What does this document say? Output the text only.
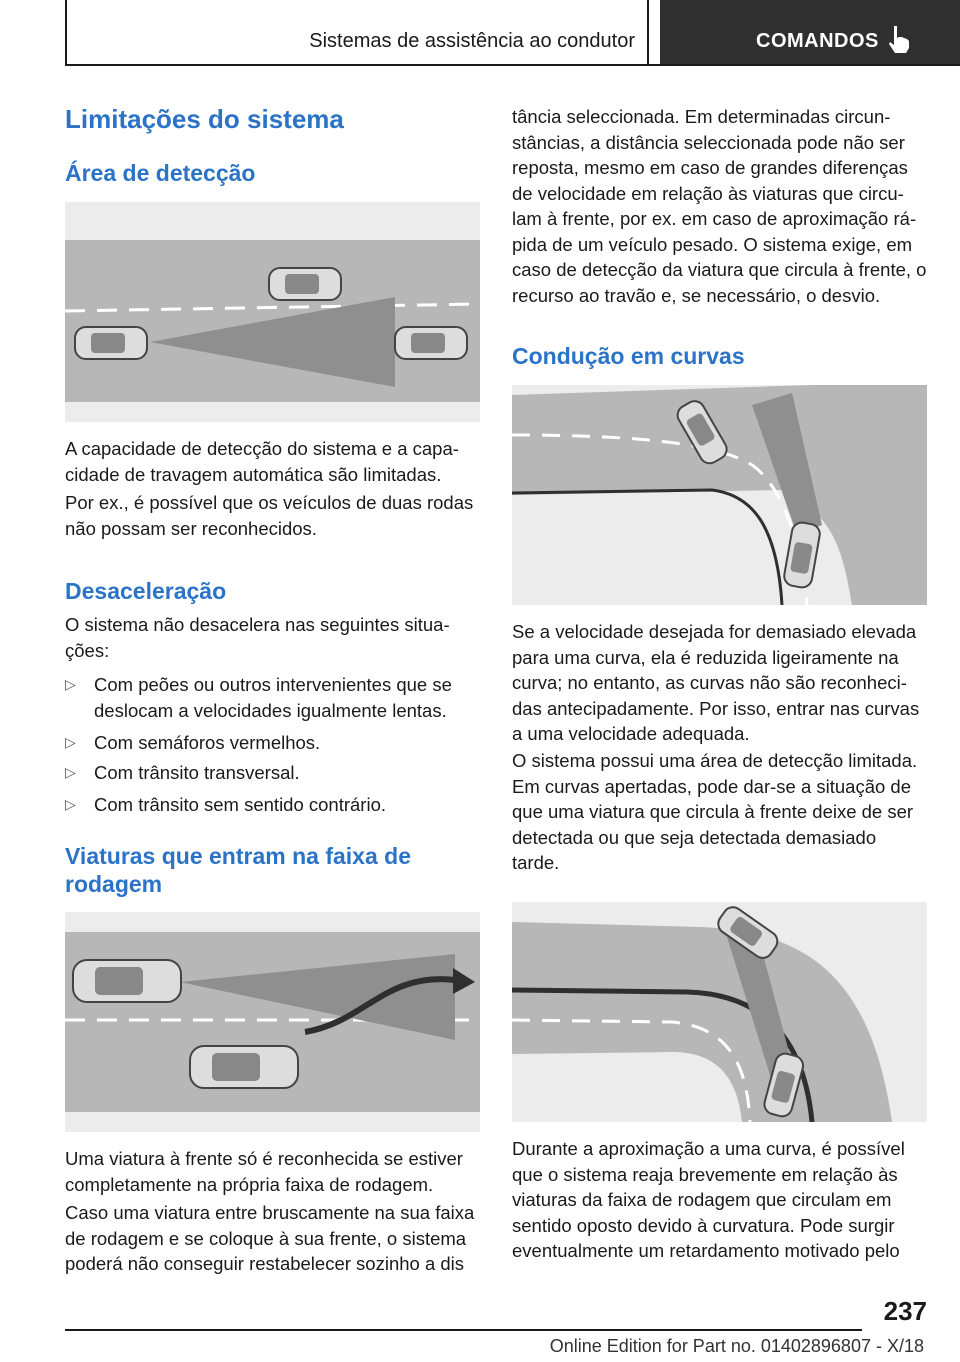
Sistemas de assistência ao condutor	COMANDOS
Limitações do sistema
Área de detecção

A capacidade de detecção do sistema e a capacidade de travagem automática são limitadas.

Por ex., é possível que os veículos de duas rodas não possam ser reconhecidos.

Desaceleração

O sistema não desacelera nas seguintes situações:

▷ Com peões ou outros intervenientes que se deslocam a velocidades igualmente lentas.
▷ Com semáforos vermelhos.
▷ Com trânsito transversal.
▷ Com trânsito sem sentido contrário.
Viaturas que entram na faixa de rodagem

Uma viatura à frente só é reconhecida se estiver completamente na própria faixa de rodagem.

Caso uma viatura entre bruscamente na sua faixa de rodagem e se coloque à sua frente, o sistema poderá não conseguir restabelecer sozinho a dis

tância seleccionada. Em determinadas circunstâncias, a distância seleccionada pode não ser reposta, mesmo em caso de grandes diferenças de velocidade em relação às viaturas que circulam à frente, por ex. em caso de aproximação rápida de um veículo pesado. O sistema exige, em caso de detecção da viatura que circula à frente, o recurso ao travão e, se necessário, o desvio.

Condução em curvas

Se a velocidade desejada for demasiado elevada para uma curva, ela é reduzida ligeiramente na curva; no entanto, as curvas não são reconhecidas antecipadamente. Por isso, entrar nas curvas a uma velocidade adequada.

O sistema possui uma área de detecção limitada. Em curvas apertadas, pode dar-se a situação de que uma viatura que circula à frente deixe de ser detectada ou que seja detectada demasiado tarde.

Durante a aproximação a uma curva, é possível que o sistema reaja brevemente em relação às viaturas da faixa de rodagem que circulam em sentido oposto devido à curvatura. Pode surgir eventualmente um retardamento motivado pelo

237
Online Edition for Part no. 01402896807 - X/18
